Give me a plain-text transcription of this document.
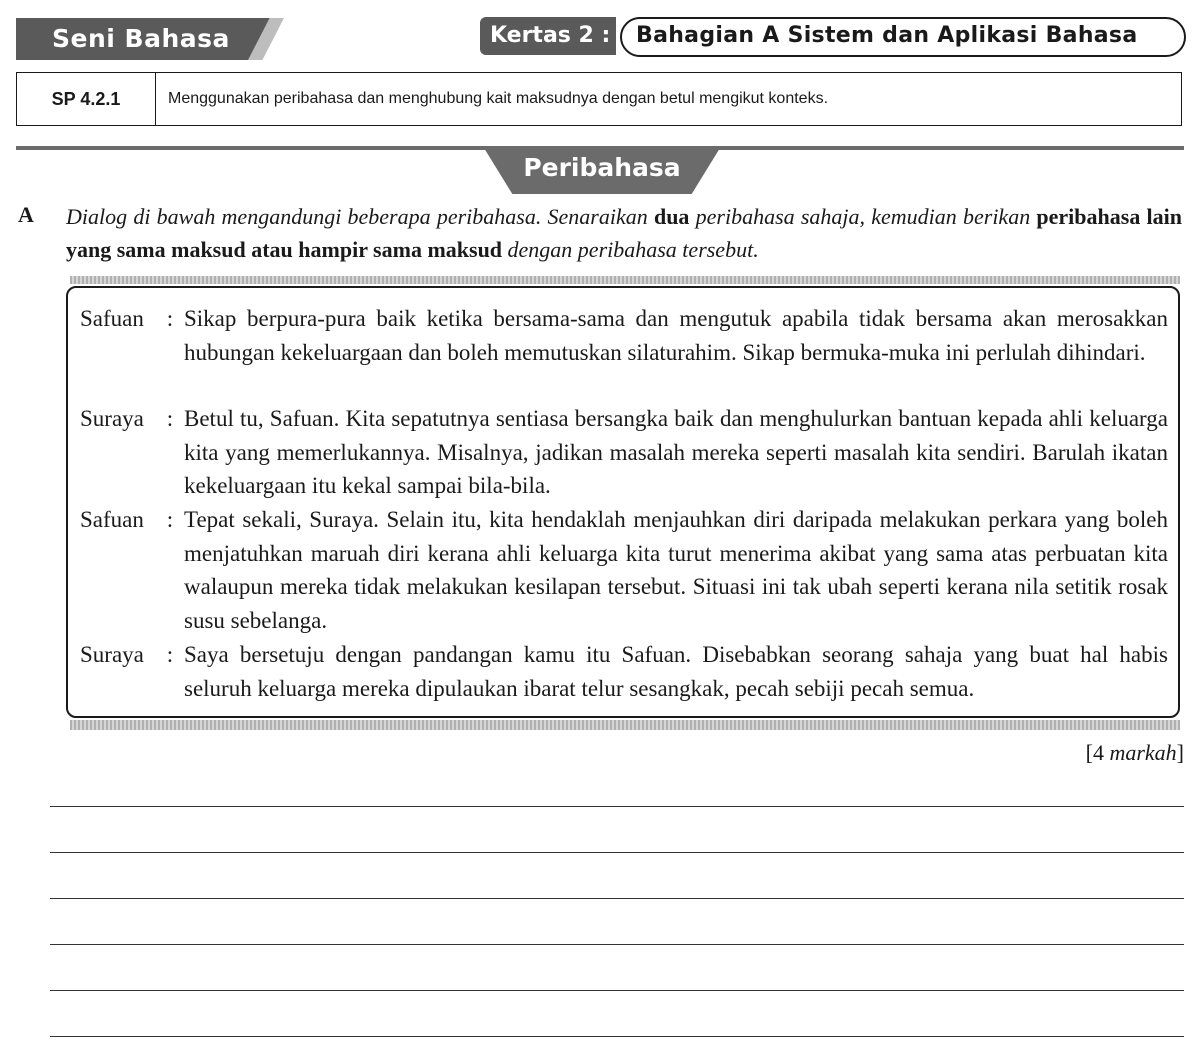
Seni Bahasa	Kertas 2 : Bahagian A Sistem dan Aplikasi Bahasa
SP 4.2.1	Menggunakan peribahasa dan menghubung kait maksudnya dengan betul mengikut konteks.
Peribahasa
A Dialog di bawah mengandungi beberapa peribahasa. Senaraikan dua peribahasa sahaja, kemudian berikan peribahasa lain yang sama maksud atau hampir sama maksud dengan peribahasa tersebut.

Safuan : Sikap berpura-pura baik ketika bersama-sama dan mengutuk apabila tidak bersama akan merosakkan hubungan kekeluargaan dan boleh memutuskan silaturahim. Sikap bermuka-muka ini perlulah dihindari.
Suraya : Betul tu, Safuan. Kita sepatutnya sentiasa bersangka baik dan menghulurkan bantuan kepada ahli keluarga kita yang memerlukannya. Misalnya, jadikan masalah mereka seperti masalah kita sendiri. Barulah ikatan kekeluargaan itu kekal sampai bila-bila.
Safuan : Tepat sekali, Suraya. Selain itu, kita hendaklah menjauhkan diri daripada melakukan perkara yang boleh menjatuhkan maruah diri kerana ahli keluarga kita turut menerima akibat yang sama atas perbuatan kita walaupun mereka tidak melakukan kesilapan tersebut. Situasi ini tak ubah seperti kerana nila setitik rosak susu sebelanga.
Suraya : Saya bersetuju dengan pandangan kamu itu Safuan. Disebabkan seorang sahaja yang buat hal habis seluruh keluarga mereka dipulaukan ibarat telur sesangkak, pecah sebiji pecah semua.
[4 markah]
